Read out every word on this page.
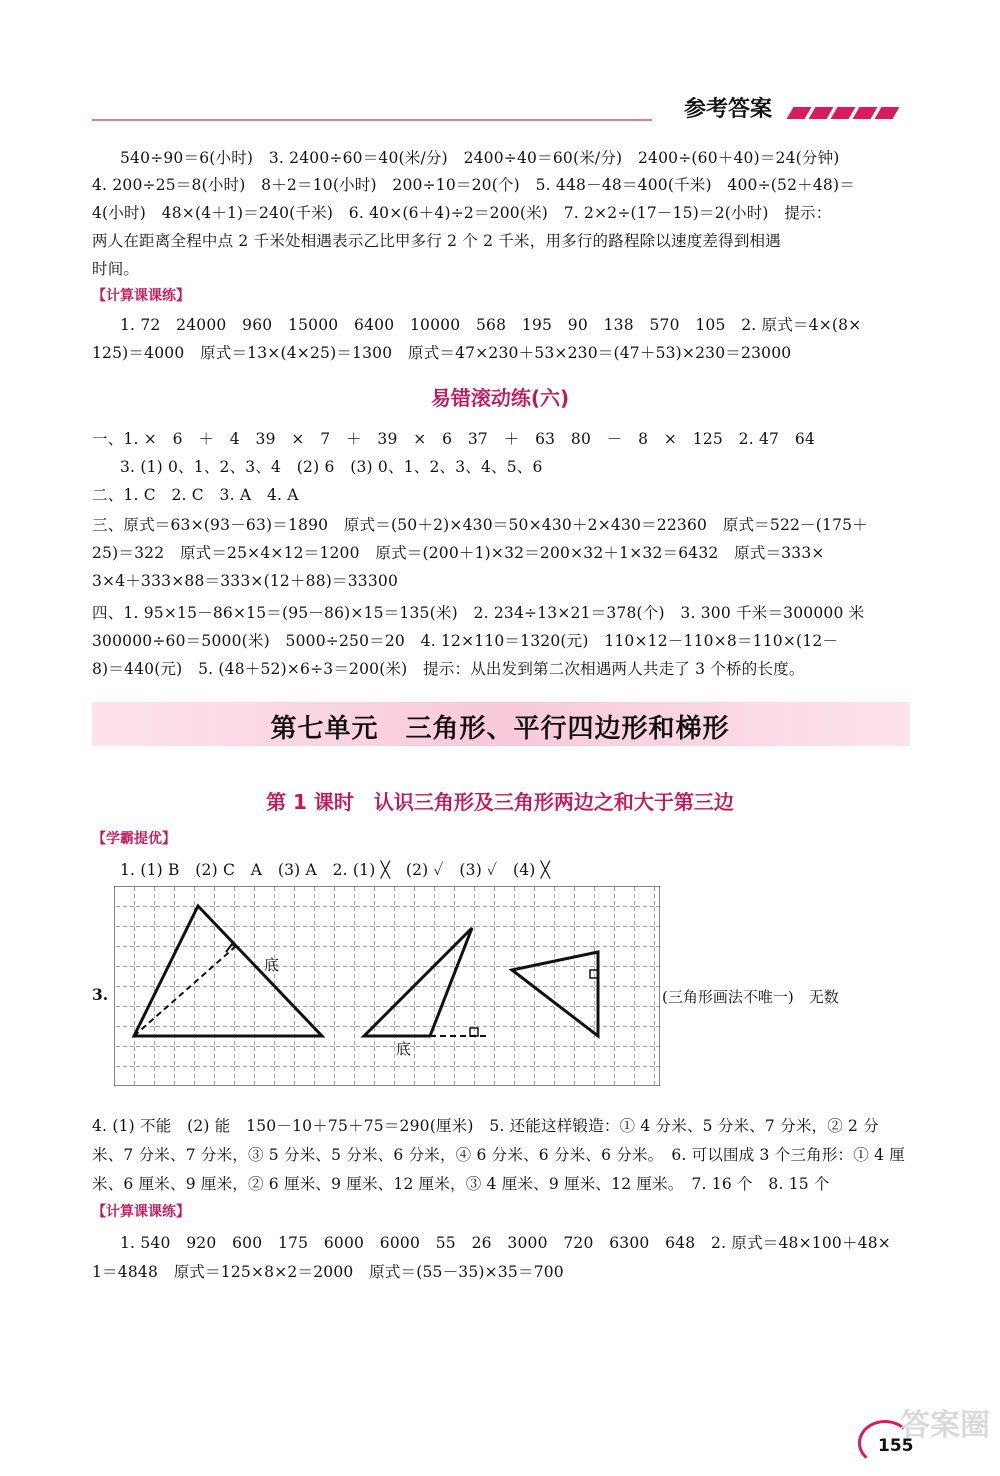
参考答案
540÷90＝6(小时)　3. 2400÷60＝40(米/分)　2400÷40＝60(米/分)　2400÷(60＋40)＝24(分钟)
4. 200÷25＝8(小时)　8＋2＝10(小时)　200÷10＝20(个)　5. 448－48＝400(千米)　400÷(52＋48)＝
4(小时)　48×(4＋1)＝240(千米)　6. 40×(6＋4)÷2＝200(米)　7. 2×2÷(17－15)＝2(小时)　提示：
两人在距离全程中点 2 千米处相遇表示乙比甲多行 2 个 2 千米，用多行的路程除以速度差得到相遇
时间。
【计算课课练】
1. 72　24000　960　15000　6400　10000　568　195　90　138　570　105　2. 原式＝4×(8×
125)＝4000　原式＝13×(4×25)＝1300　原式＝47×230＋53×230＝(47＋53)×230＝23000
易错滚动练(六)
一、1. ×　6　＋　4　39　×　7　＋　39　×　6　37　＋　63　80　－　8　×　125　2. 47　64
3. (1) 0、1、2、3、4　(2) 6　(3) 0、1、2、3、4、5、6
二、1. C　2. C　3. A　4. A
三、原式＝63×(93－63)＝1890　原式＝(50＋2)×430＝50×430＋2×430＝22360　原式＝522－(175＋
25)＝322　原式＝25×4×12＝1200　原式＝(200＋1)×32＝200×32＋1×32＝6432　原式＝333×
3×4＋333×88＝333×(12＋88)＝33300
四、1. 95×15－86×15＝(95－86)×15＝135(米)　2. 234÷13×21＝378(个)　3. 300 千米＝300000 米
300000÷60＝5000(米)　5000÷250＝20　4. 12×110＝1320(元)　110×12－110×8＝110×(12－
8)＝440(元)　5. (48＋52)×6÷3＝200(米)　提示：从出发到第二次相遇两人共走了 3 个桥的长度。
第七单元　三角形、平行四边形和梯形
第 1 课时　认识三角形及三角形两边之和大于第三边
【学霸提优】
1. (1) B　(2) C　A　(3) A　2. (1) ╳　(2) ✓　(3) ✓　(4) ╳
3.
底
底
(三角形画法不唯一)　无数
4. (1) 不能　(2) 能　150－10＋75＋75＝290(厘米)　5. 还能这样锻造：① 4 分米、5 分米、7 分米，② 2 分
米、7 分米、7 分米，③ 5 分米、5 分米、6 分米，④ 6 分米、6 分米、6 分米。　6. 可以围成 3 个三角形：① 4 厘
米、6 厘米、9 厘米，② 6 厘米、9 厘米、12 厘米，③ 4 厘米、9 厘米、12 厘米。　7. 16 个　8. 15 个
【计算课课练】
1. 540　920　600　175　6000　6000　55　26　3000　720　6300　648　2. 原式＝48×100＋48×
1＝4848　原式＝125×8×2＝2000　原式＝(55－35)×35＝700
155
答案圈
